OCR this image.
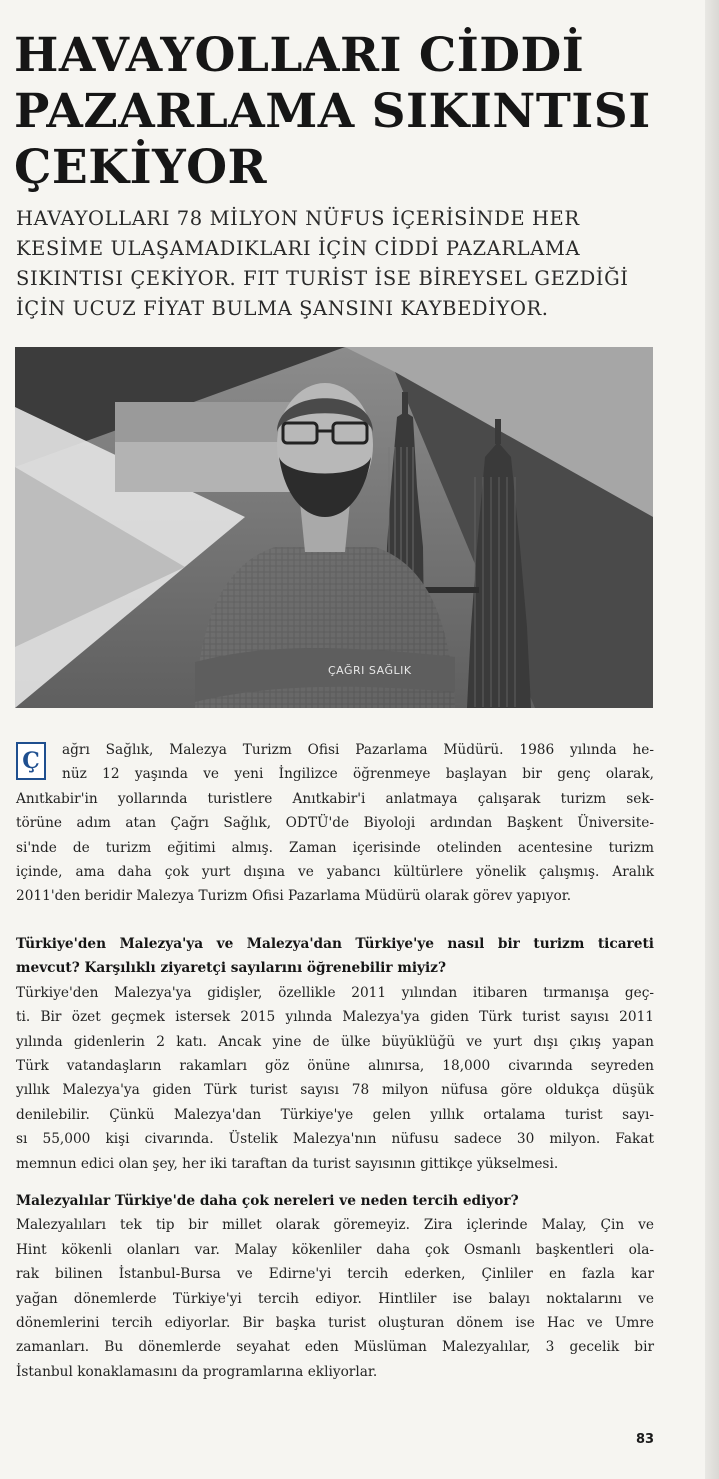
HAVAYOLLARI CİDDİ
PAZARLAMA SIKINTISI
ÇEKİYOR

HAVAYOLLARI 78 MİLYON NÜFUS İÇERİSİNDE HER
KESİME ULAŞAMADIKLARI İÇİN CİDDİ PAZARLAMA
SIKINTISI ÇEKİYOR. FIT TURİST İSE BİREYSEL GEZDİĞİ
İÇİN UCUZ FİYAT BULMA ŞANSINI KAYBEDİYOR.

ÇAĞRI SAĞLIK
Ç	ağrı Sağlık, Malezya Turizm Ofisi Pazarlama Müdürü. 1986 yılında he-
nüz 12 yaşında ve yeni İngilizce öğrenmeye başlayan bir genç olarak,
Anıtkabir'in yollarında turistlere Anıtkabir'i anlatmaya çalışarak turizm sek-
törüne adım atan Çağrı Sağlık, ODTÜ'de Biyoloji ardından Başkent Üniversite-
si'nde de turizm eğitimi almış. Zaman içerisinde otelinden acentesine turizm
içinde, ama daha çok yurt dışına ve yabancı kültürlere yönelik çalışmış. Aralık
2011'den beridir Malezya Turizm Ofisi Pazarlama Müdürü olarak görev yapıyor.
Türkiye'den Malezya'ya ve Malezya'dan Türkiye'ye nasıl bir turizm ticareti
mevcut? Karşılıklı ziyaretçi sayılarını öğrenebilir miyiz?
Türkiye'den Malezya'ya gidişler, özellikle 2011 yılından itibaren tırmanışa geç-
ti. Bir özet geçmek istersek 2015 yılında Malezya'ya giden Türk turist sayısı 2011
yılında gidenlerin 2 katı. Ancak yine de ülke büyüklüğü ve yurt dışı çıkış yapan
Türk vatandaşların rakamları göz önüne alınırsa, 18,000 civarında seyreden
yıllık Malezya'ya giden Türk turist sayısı 78 milyon nüfusa göre oldukça düşük
denilebilir. Çünkü Malezya'dan Türkiye'ye gelen yıllık ortalama turist sayı-
sı 55,000 kişi civarında. Üstelik Malezya'nın nüfusu sadece 30 milyon. Fakat
memnun edici olan şey, her iki taraftan da turist sayısının gittikçe yükselmesi.
Malezyalılar Türkiye'de daha çok nereleri ve neden tercih ediyor?
Malezyalıları tek tip bir millet olarak göremeyiz. Zira içlerinde Malay, Çin ve
Hint kökenli olanları var. Malay kökenliler daha çok Osmanlı başkentleri ola-
rak bilinen İstanbul-Bursa ve Edirne'yi tercih ederken, Çinliler en fazla kar
yağan dönemlerde Türkiye'yi tercih ediyor. Hintliler ise balayı noktalarını ve
dönemlerini tercih ediyorlar. Bir başka turist oluşturan dönem ise Hac ve Umre
zamanları. Bu dönemlerde seyahat eden Müslüman Malezyalılar, 3 gecelik bir
İstanbul konaklamasını da programlarına ekliyorlar.
83
